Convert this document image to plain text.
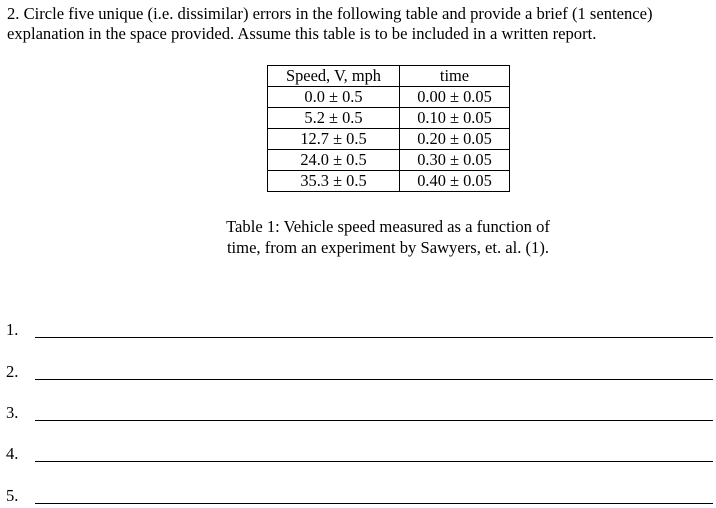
2. Circle five unique (i.e. dissimilar) errors in the following table and provide a brief (1 sentence)
explanation in the space provided. Assume this table is to be included in a written report.

Speed, V, mph	time
0.0 ± 0.5	0.00 ± 0.05
5.2 ± 0.5	0.10 ± 0.05
12.7 ± 0.5	0.20 ± 0.05
24.0 ± 0.5	0.30 ± 0.05
35.3 ± 0.5	0.40 ± 0.05

Table 1: Vehicle speed measured as a function of
time, from an experiment by Sawyers, et. al. (1).

1.
2.
3.
4.
5.
